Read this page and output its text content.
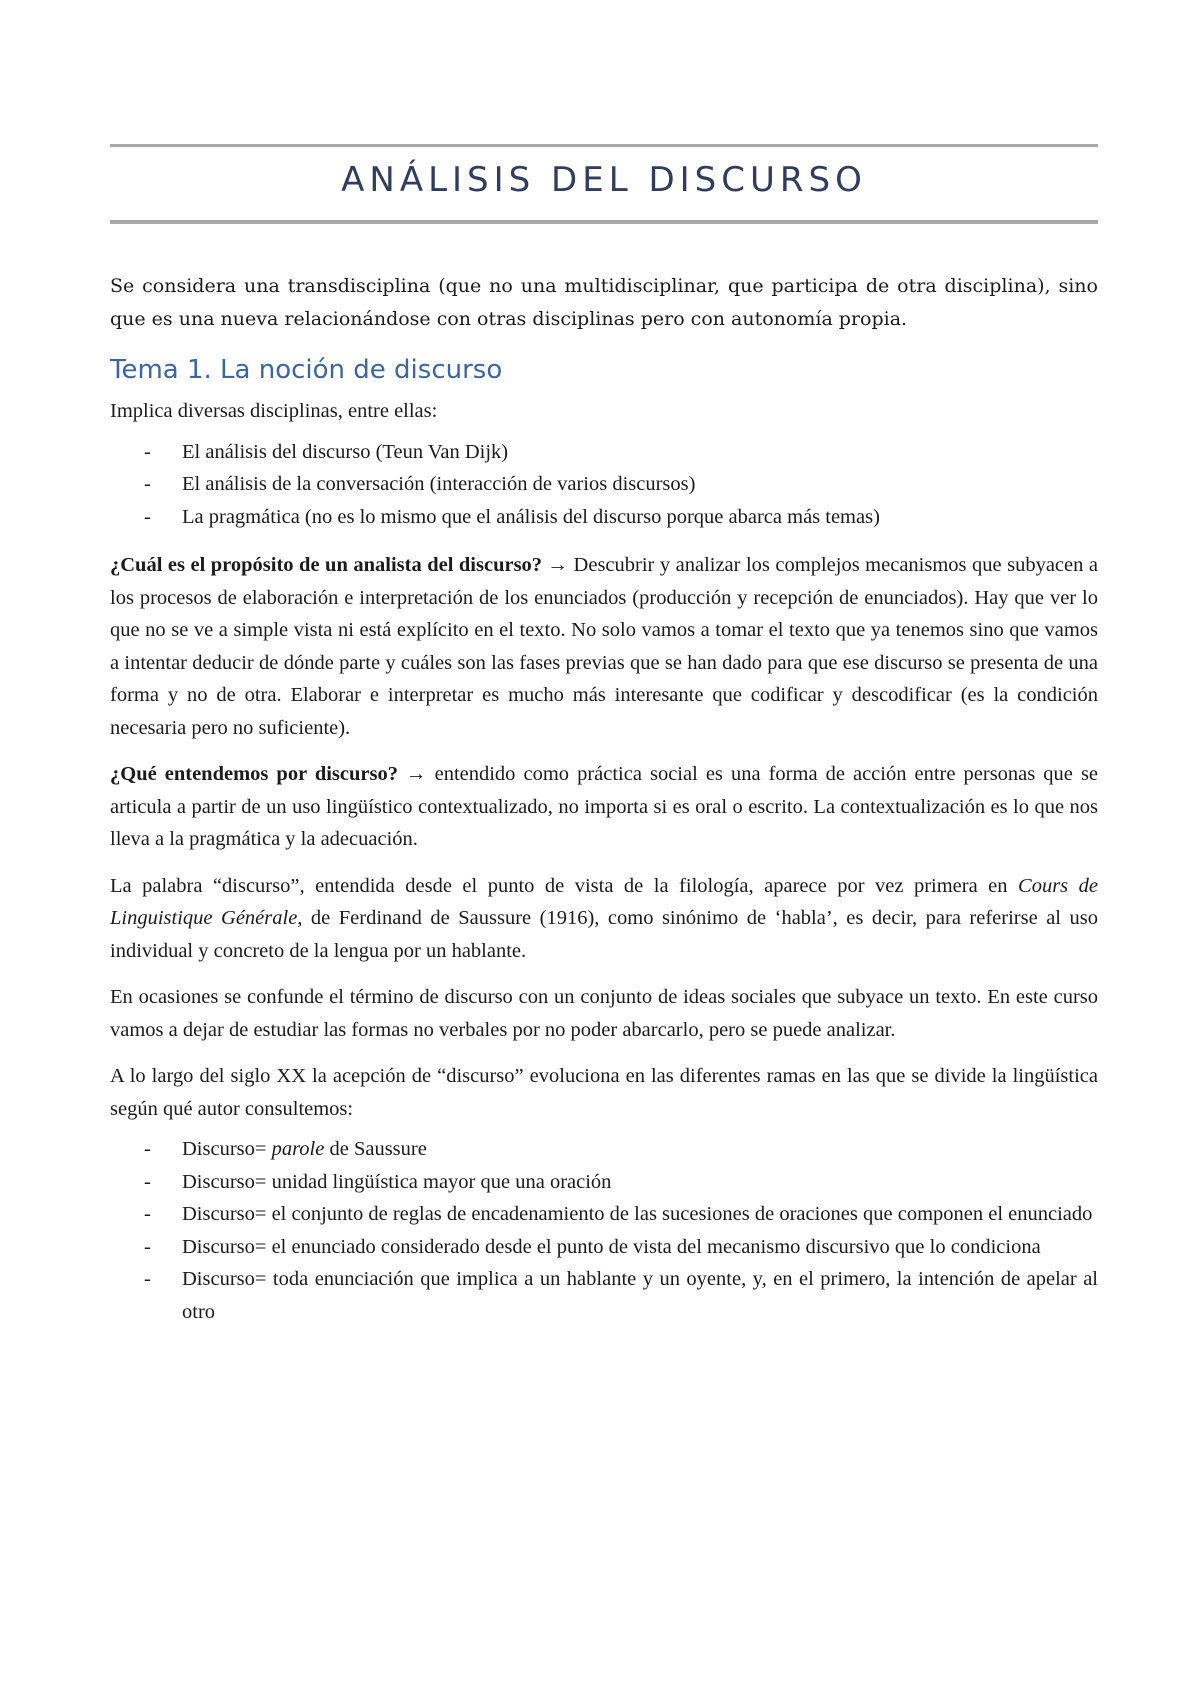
ANÁLISIS DEL DISCURSO

Se considera una transdisciplina (que no una multidisciplinar, que participa de otra disciplina), sino que es una nueva relacionándose con otras disciplinas pero con autonomía propia.

Tema 1. La noción de discurso

Implica diversas disciplinas, entre ellas:

- El análisis del discurso (Teun Van Dijk)
- El análisis de la conversación (interacción de varios discursos)
- La pragmática (no es lo mismo que el análisis del discurso porque abarca más temas)

¿Cuál es el propósito de un analista del discurso? → Descubrir y analizar los complejos mecanismos que subyacen a los procesos de elaboración e interpretación de los enunciados (producción y recepción de enunciados). Hay que ver lo que no se ve a simple vista ni está explícito en el texto. No solo vamos a tomar el texto que ya tenemos sino que vamos a intentar deducir de dónde parte y cuáles son las fases previas que se han dado para que ese discurso se presenta de una forma y no de otra. Elaborar e interpretar es mucho más interesante que codificar y descodificar (es la condición necesaria pero no suficiente).

¿Qué entendemos por discurso? → entendido como práctica social es una forma de acción entre personas que se articula a partir de un uso lingüístico contextualizado, no importa si es oral o escrito. La contextualización es lo que nos lleva a la pragmática y la adecuación.

La palabra “discurso”, entendida desde el punto de vista de la filología, aparece por vez primera en Cours de Linguistique Générale, de Ferdinand de Saussure (1916), como sinónimo de ‘habla’, es decir, para referirse al uso individual y concreto de la lengua por un hablante.

En ocasiones se confunde el término de discurso con un conjunto de ideas sociales que subyace un texto. En este curso vamos a dejar de estudiar las formas no verbales por no poder abarcarlo, pero se puede analizar.

A lo largo del siglo XX la acepción de “discurso” evoluciona en las diferentes ramas en las que se divide la lingüística según qué autor consultemos:

- Discurso= parole de Saussure
- Discurso= unidad lingüística mayor que una oración
- Discurso= el conjunto de reglas de encadenamiento de las sucesiones de oraciones que componen el enunciado
- Discurso= el enunciado considerado desde el punto de vista del mecanismo discursivo que lo condiciona
- Discurso= toda enunciación que implica a un hablante y un oyente, y, en el primero, la intención de apelar al otro
